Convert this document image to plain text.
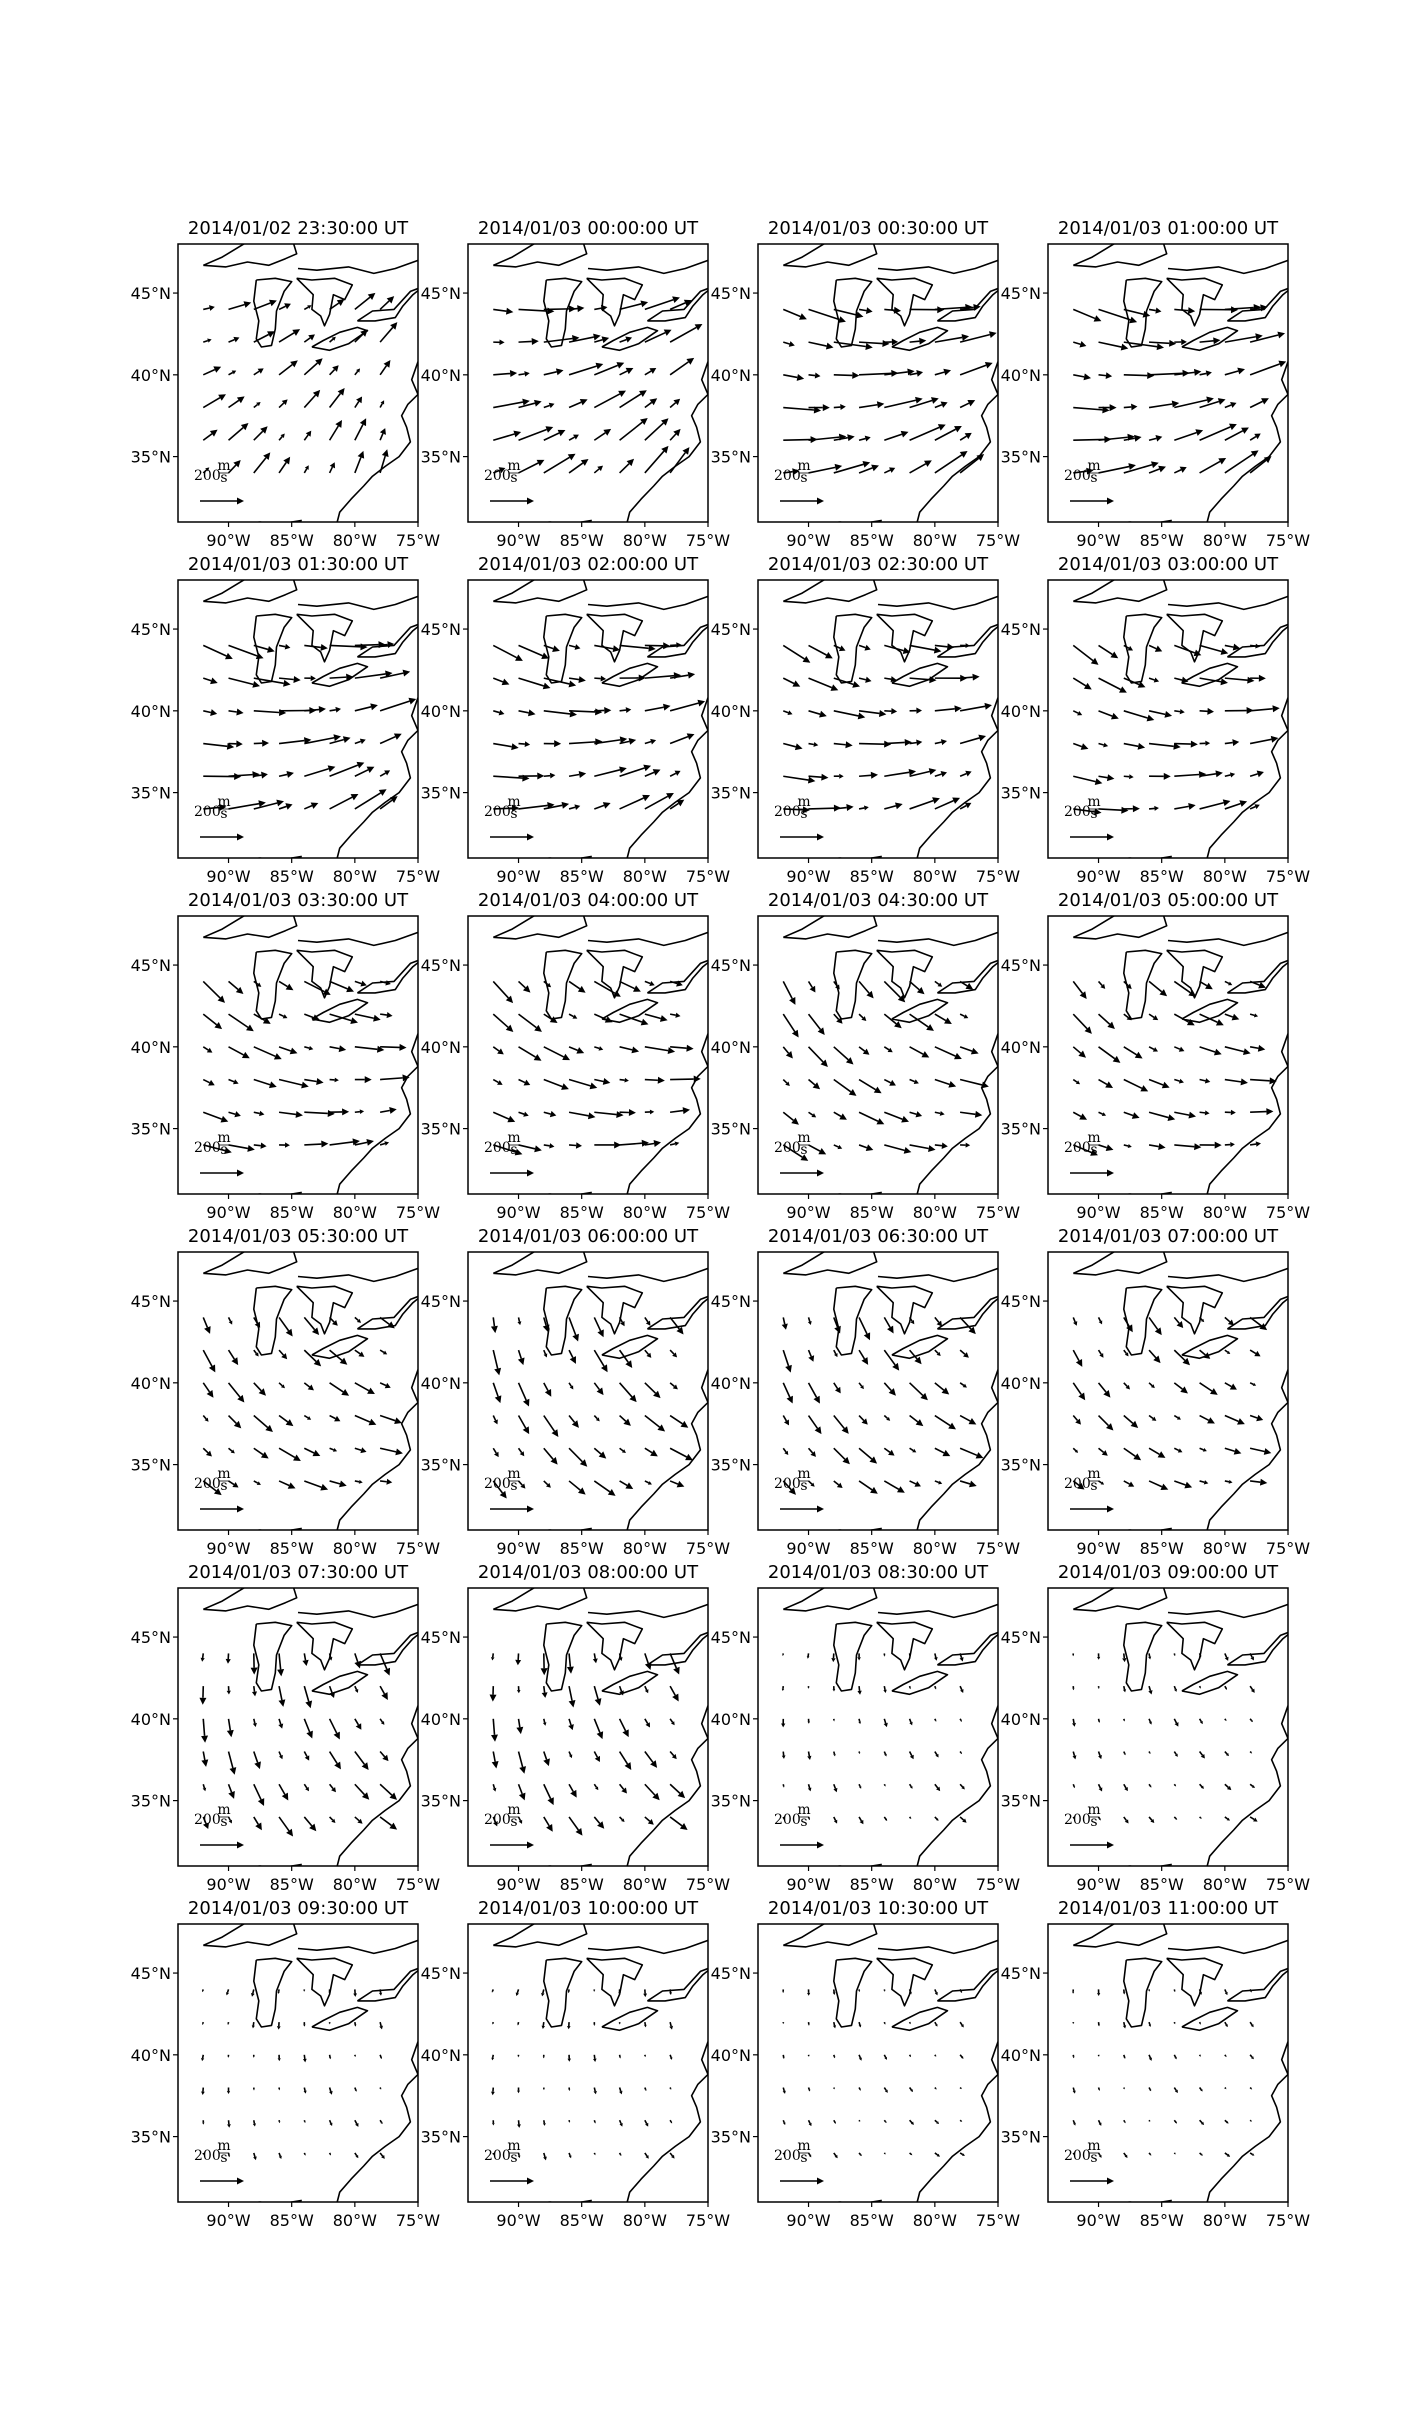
2014/01/02 23:30:00 UT
200
m
s
90°W 85°W 80°W 75°W
45°N
40°N
35°N
2014/01/03 00:00:00 UT
200
m
s
90°W 85°W 80°W 75°W
45°N
40°N
35°N
2014/01/03 00:30:00 UT
200
m
s
90°W 85°W 80°W 75°W
45°N
40°N
35°N
2014/01/03 01:00:00 UT
200
m
s
90°W 85°W 80°W 75°W
45°N
40°N
35°N
2014/01/03 01:30:00 UT
200
m
s
90°W 85°W 80°W 75°W
45°N
40°N
35°N
2014/01/03 02:00:00 UT
200
m
s
90°W 85°W 80°W 75°W
45°N
40°N
35°N
2014/01/03 02:30:00 UT
200
m
s
90°W 85°W 80°W 75°W
45°N
40°N
35°N
2014/01/03 03:00:00 UT
200
m
s
90°W 85°W 80°W 75°W
45°N
40°N
35°N
2014/01/03 03:30:00 UT
200
m
s
90°W 85°W 80°W 75°W
45°N
40°N
35°N
2014/01/03 04:00:00 UT
200
m
s
90°W 85°W 80°W 75°W
45°N
40°N
35°N
2014/01/03 04:30:00 UT
200
m
s
90°W 85°W 80°W 75°W
45°N
40°N
35°N
2014/01/03 05:00:00 UT
200
m
s
90°W 85°W 80°W 75°W
45°N
40°N
35°N
2014/01/03 05:30:00 UT
200
m
s
90°W 85°W 80°W 75°W
45°N
40°N
35°N
2014/01/03 06:00:00 UT
200
m
s
90°W 85°W 80°W 75°W
45°N
40°N
35°N
2014/01/03 06:30:00 UT
200
m
s
90°W 85°W 80°W 75°W
45°N
40°N
35°N
2014/01/03 07:00:00 UT
200
m
s
90°W 85°W 80°W 75°W
45°N
40°N
35°N
2014/01/03 07:30:00 UT
200
m
s
90°W 85°W 80°W 75°W
45°N
40°N
35°N
2014/01/03 08:00:00 UT
200
m
s
90°W 85°W 80°W 75°W
45°N
40°N
35°N
2014/01/03 08:30:00 UT
200
m
s
90°W 85°W 80°W 75°W
45°N
40°N
35°N
2014/01/03 09:00:00 UT
200
m
s
90°W 85°W 80°W 75°W
45°N
40°N
35°N
2014/01/03 09:30:00 UT
200
m
s
90°W 85°W 80°W 75°W
45°N
40°N
35°N
2014/01/03 10:00:00 UT
200
m
s
90°W 85°W 80°W 75°W
45°N
40°N
35°N
2014/01/03 10:30:00 UT
200
m
s
90°W 85°W 80°W 75°W
45°N
40°N
35°N
2014/01/03 11:00:00 UT
200
m
s
90°W 85°W 80°W 75°W
45°N
40°N
35°N
